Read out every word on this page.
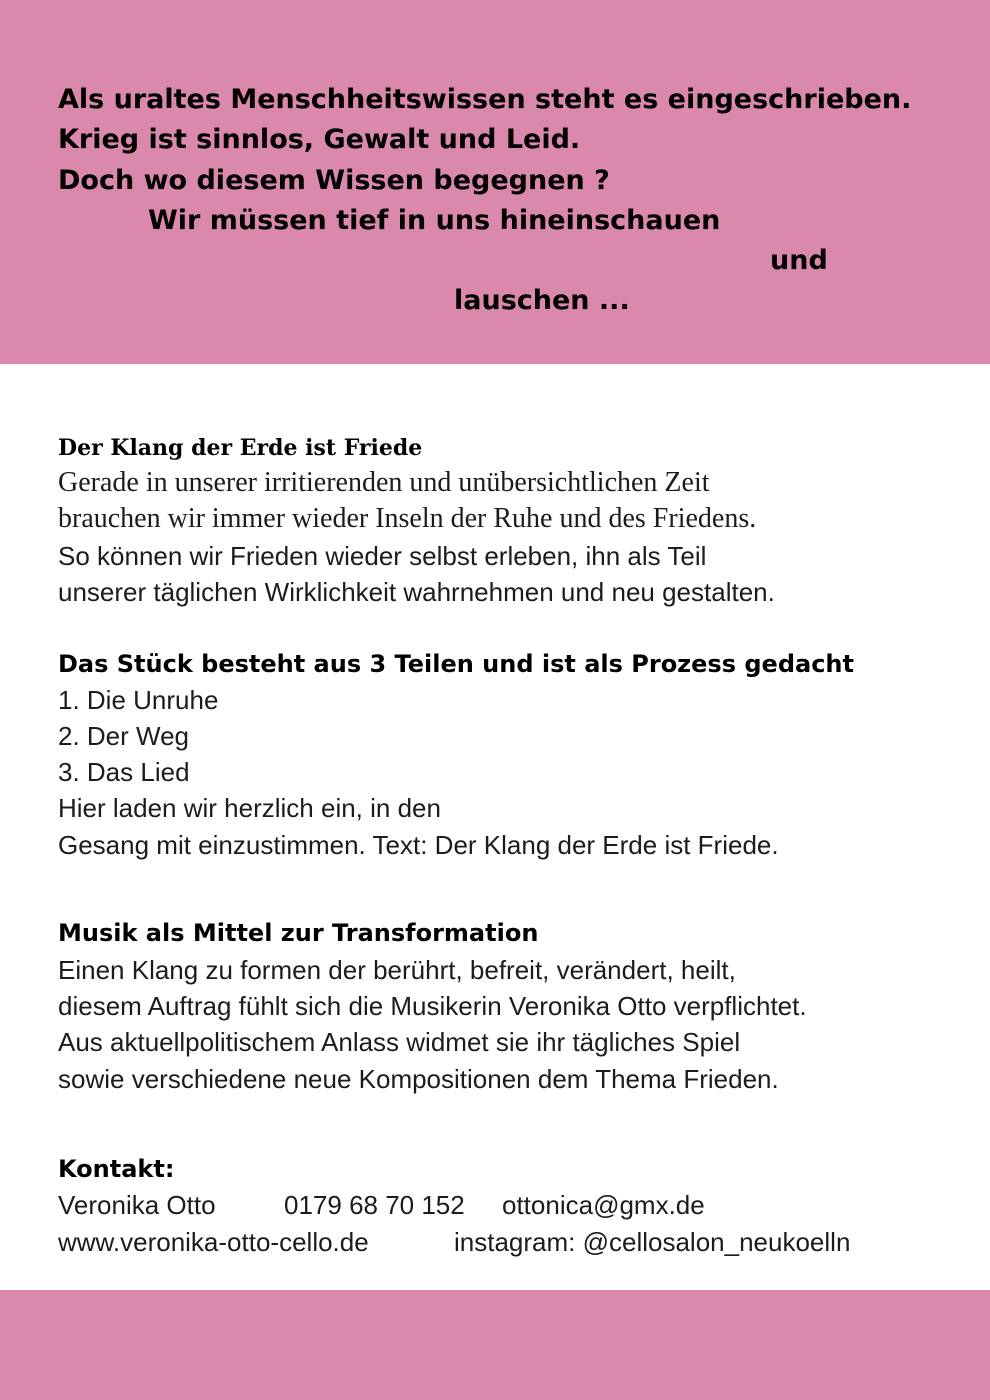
Als uraltes Menschheitswissen steht es eingeschrieben.
Krieg ist sinnlos, Gewalt und Leid.
Doch wo diesem Wissen begegnen ?
Wir müssen tief in uns hineinschauen
und
lauschen ...
Der Klang der Erde ist Friede
Gerade in unserer irritierenden und unübersichtlichen Zeit
brauchen wir immer wieder Inseln der Ruhe und des Friedens.
So können wir Frieden wieder selbst erleben, ihn als Teil
unserer täglichen Wirklichkeit wahrnehmen und neu gestalten.
Das Stück besteht aus 3 Teilen und ist als Prozess gedacht
1. Die Unruhe
2. Der Weg
3. Das Lied
Hier laden wir herzlich ein, in den
Gesang mit einzustimmen. Text: Der Klang der Erde ist Friede.
Musik als Mittel zur Transformation
Einen Klang zu formen der berührt, befreit, verändert, heilt,
diesem Auftrag fühlt sich die Musikerin Veronika Otto verpflichtet.
Aus aktuellpolitischem Anlass widmet sie ihr tägliches Spiel
sowie verschiedene neue Kompositionen dem Thema Frieden.
Kontakt:
Veronika Otto	0179 68 70 152 ottonica@gmx.de
www.veronika-otto-cello.de	instagram: @cellosalon_neukoelln
